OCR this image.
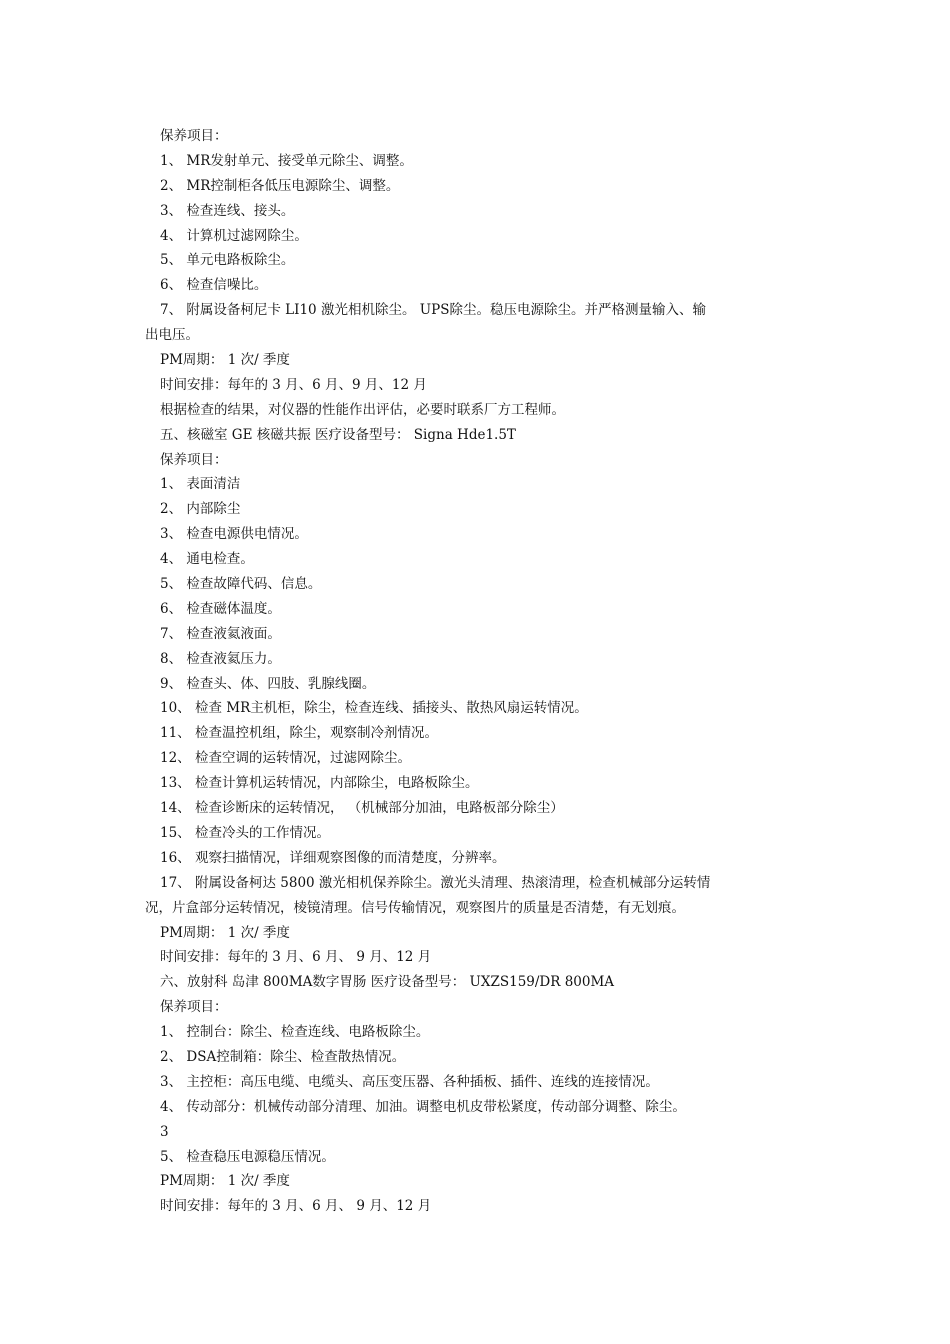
保养项目：
1、 MR发射单元、接受单元除尘、调整。
2、 MR控制柜各低压电源除尘、调整。
3、 检查连线、接头。
4、 计算机过滤网除尘。
5、 单元电路板除尘。
6、 检查信噪比。
7、 附属设备柯尼卡 LI10 激光相机除尘。 UPS除尘。稳压电源除尘。并严格测量输入、输
出电压。
PM周期： 1 次/ 季度
时间安排：每年的 3 月、6 月、9 月、12 月
根据检查的结果，对仪器的性能作出评估，必要时联系厂方工程师。
五、核磁室 GE 核磁共振 医疗设备型号： Signa Hde1.5T
保养项目：
1、 表面清洁
2、 内部除尘
3、 检查电源供电情况。
4、 通电检查。
5、 检查故障代码、信息。
6、 检查磁体温度。
7、 检查液氦液面。
8、 检查液氦压力。
9、 检查头、体、四肢、乳腺线圈。
10、 检查 MR主机柜，除尘，检查连线、插接头、散热风扇运转情况。
11、 检查温控机组，除尘，观察制冷剂情况。
12、 检查空调的运转情况，过滤网除尘。
13、 检查计算机运转情况，内部除尘，电路板除尘。
14、 检查诊断床的运转情况， （机械部分加油，电路板部分除尘）
15、 检查冷头的工作情况。
16、 观察扫描情况，详细观察图像的而清楚度，分辨率。
17、 附属设备柯达 5800 激光相机保养除尘。激光头清理、热滚清理，检查机械部分运转情
况，片盒部分运转情况，棱镜清理。信号传输情况，观察图片的质量是否清楚，有无划痕。
PM周期： 1 次/ 季度
时间安排：每年的 3 月、6 月、 9 月、12 月
六、放射科 岛津 800MA数字胃肠 医疗设备型号： UXZS159/DR 800MA
保养项目：
1、 控制台：除尘、检查连线、电路板除尘。
2、 DSA控制箱：除尘、检查散热情况。
3、 主控柜：高压电缆、电缆头、高压变压器、各种插板、插件、连线的连接情况。
4、 传动部分：机械传动部分清理、加油。调整电机皮带松紧度，传动部分调整、除尘。
3
5、 检查稳压电源稳压情况。
PM周期： 1 次/ 季度
时间安排：每年的 3 月、6 月、 9 月、12 月
